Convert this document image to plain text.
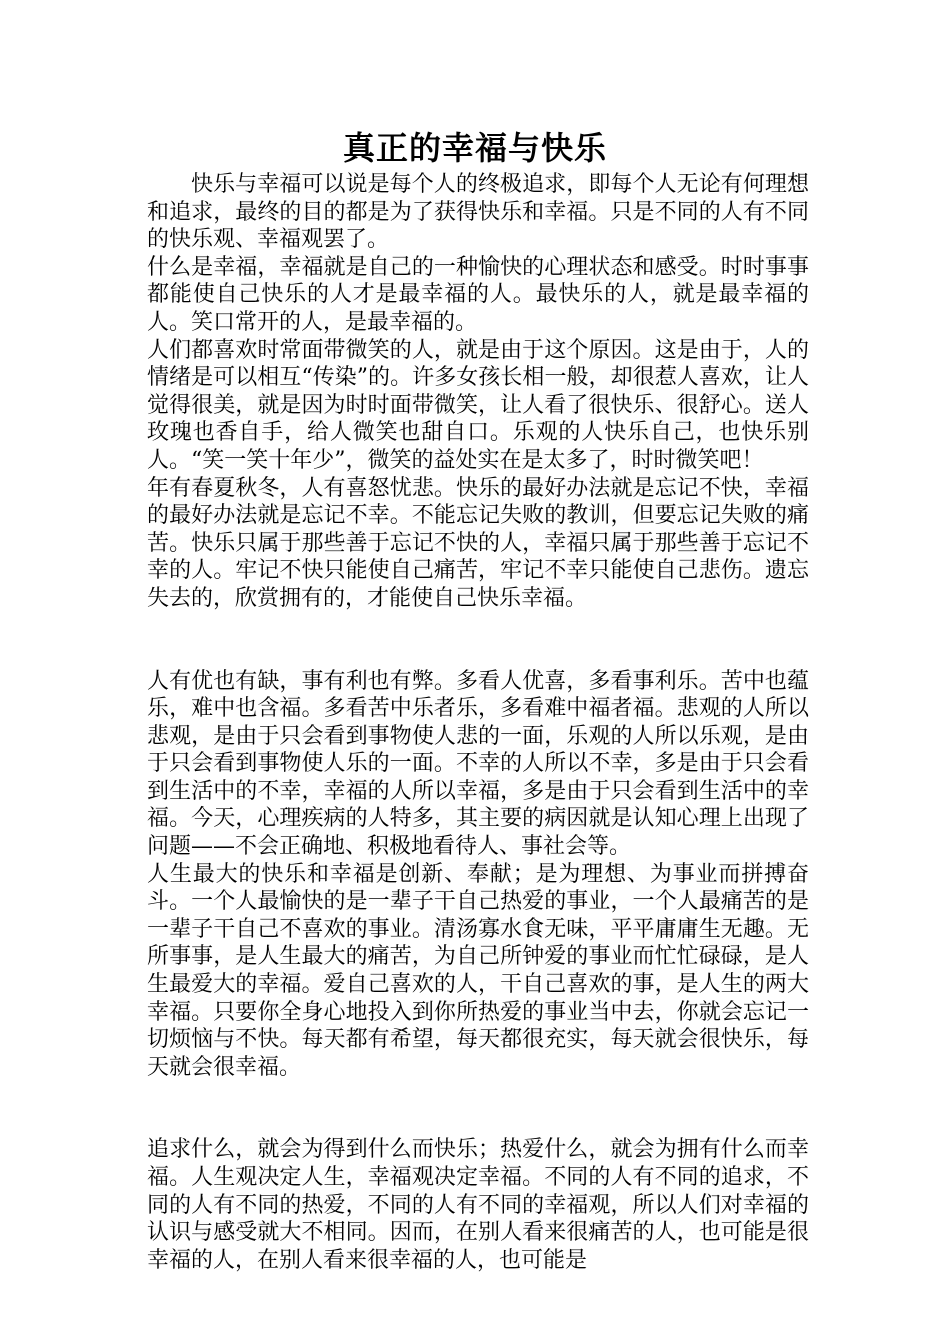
真正的幸福与快乐

快乐与幸福可以说是每个人的终极追求，即每个人无论有何理想和追求，最终的目的都是为了获得快乐和幸福。只是不同的人有不同的快乐观、幸福观罢了。

什么是幸福，幸福就是自己的一种愉快的心理状态和感受。时时事事都能使自己快乐的人才是最幸福的人。最快乐的人，就是最幸福的人。笑口常开的人，是最幸福的。

人们都喜欢时常面带微笑的人，就是由于这个原因。这是由于，人的情绪是可以相互“传染”的。许多女孩长相一般，却很惹人喜欢，让人觉得很美，就是因为时时面带微笑，让人看了很快乐、很舒心。送人玫瑰也香自手，给人微笑也甜自口。乐观的人快乐自己，也快乐别人。“笑一笑十年少”，微笑的益处实在是太多了，时时微笑吧！

年有春夏秋冬，人有喜怒忧悲。快乐的最好办法就是忘记不快，幸福的最好办法就是忘记不幸。不能忘记失败的教训，但要忘记失败的痛苦。快乐只属于那些善于忘记不快的人，幸福只属于那些善于忘记不幸的人。牢记不快只能使自己痛苦，牢记不幸只能使自己悲伤。遗忘失去的，欣赏拥有的，才能使自己快乐幸福。

人有优也有缺，事有利也有弊。多看人优喜，多看事利乐。苦中也蕴乐，难中也含福。多看苦中乐者乐，多看难中福者福。悲观的人所以悲观，是由于只会看到事物使人悲的一面，乐观的人所以乐观，是由于只会看到事物使人乐的一面。不幸的人所以不幸，多是由于只会看到生活中的不幸，幸福的人所以幸福，多是由于只会看到生活中的幸福。今天，心理疾病的人特多，其主要的病因就是认知心理上出现了问题——不会正确地、积极地看待人、事社会等。

人生最大的快乐和幸福是创新、奉献；是为理想、为事业而拼搏奋斗。一个人最愉快的是一辈子干自己热爱的事业，一个人最痛苦的是一辈子干自己不喜欢的事业。清汤寡水食无味，平平庸庸生无趣。无所事事，是人生最大的痛苦，为自己所钟爱的事业而忙忙碌碌，是人生最爱大的幸福。爱自己喜欢的人，干自己喜欢的事，是人生的两大幸福。只要你全身心地投入到你所热爱的事业当中去，你就会忘记一切烦恼与不快。每天都有希望，每天都很充实，每天就会很快乐，每天就会很幸福。

追求什么，就会为得到什么而快乐；热爱什么，就会为拥有什么而幸福。人生观决定人生，幸福观决定幸福。不同的人有不同的追求，不同的人有不同的热爱，不同的人有不同的幸福观，所以人们对幸福的认识与感受就大不相同。因而，在别人看来很痛苦的人，也可能是很幸福的人，在别人看来很幸福的人，也可能是
